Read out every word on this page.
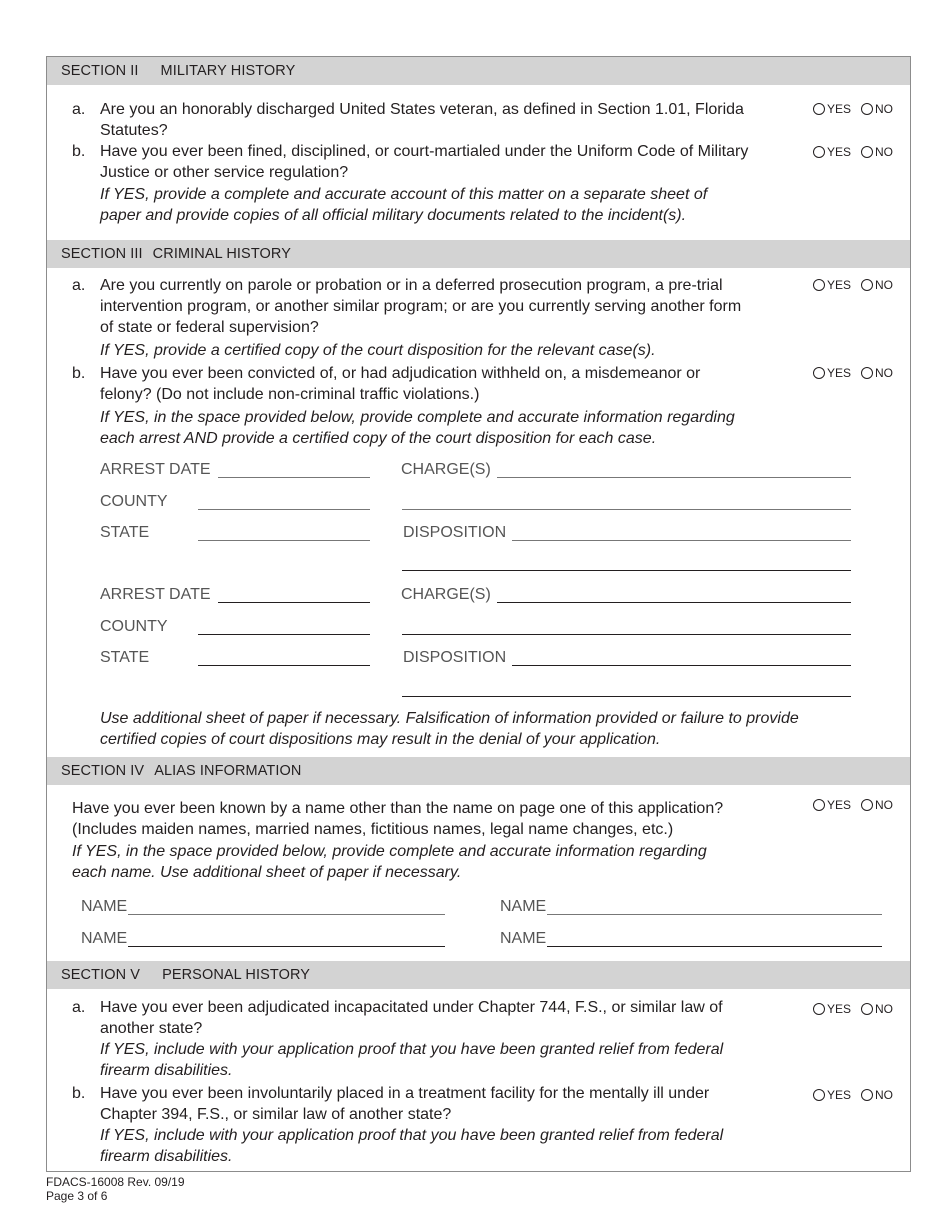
SECTION II MILITARY HISTORY
a. Are you an honorably discharged United States veteran, as defined in Section 1.01, Florida
Statutes?
YES NO
b. Have you ever been fined, disciplined, or court-martialed under the Uniform Code of Military
Justice or other service regulation?
YES NO
If YES, provide a complete and accurate account of this matter on a separate sheet of
paper and provide copies of all official military documents related to the incident(s).
SECTION III CRIMINAL HISTORY
a. Are you currently on parole or probation or in a deferred prosecution program, a pre-trial
intervention program, or another similar program; or are you currently serving another form
of state or federal supervision?
YES NO
If YES, provide a certified copy of the court disposition for the relevant case(s).
b. Have you ever been convicted of, or had adjudication withheld on, a misdemeanor or
felony? (Do not include non-criminal traffic violations.)
YES NO
If YES, in the space provided below, provide complete and accurate information regarding
each arrest AND provide a certified copy of the court disposition for each case.
ARREST DATE	CHARGE(S)
COUNTY
STATE	DISPOSITION
ARREST DATE	CHARGE(S)
COUNTY
STATE	DISPOSITION
Use additional sheet of paper if necessary. Falsification of information provided or failure to provide
certified copies of court dispositions may result in the denial of your application.
SECTION IV ALIAS INFORMATION
Have you ever been known by a name other than the name on page one of this application?
(Includes maiden names, married names, fictitious names, legal name changes, etc.)
YES NO
If YES, in the space provided below, provide complete and accurate information regarding
each name. Use additional sheet of paper if necessary.
NAME	NAME
NAME	NAME
SECTION V PERSONAL HISTORY
a. Have you ever been adjudicated incapacitated under Chapter 744, F.S., or similar law of
another state?
YES NO
If YES, include with your application proof that you have been granted relief from federal
firearm disabilities.
b. Have you ever been involuntarily placed in a treatment facility for the mentally ill under
Chapter 394, F.S., or similar law of another state?
YES NO
If YES, include with your application proof that you have been granted relief from federal
firearm disabilities.
FDACS-16008 Rev. 09/19
Page 3 of 6
